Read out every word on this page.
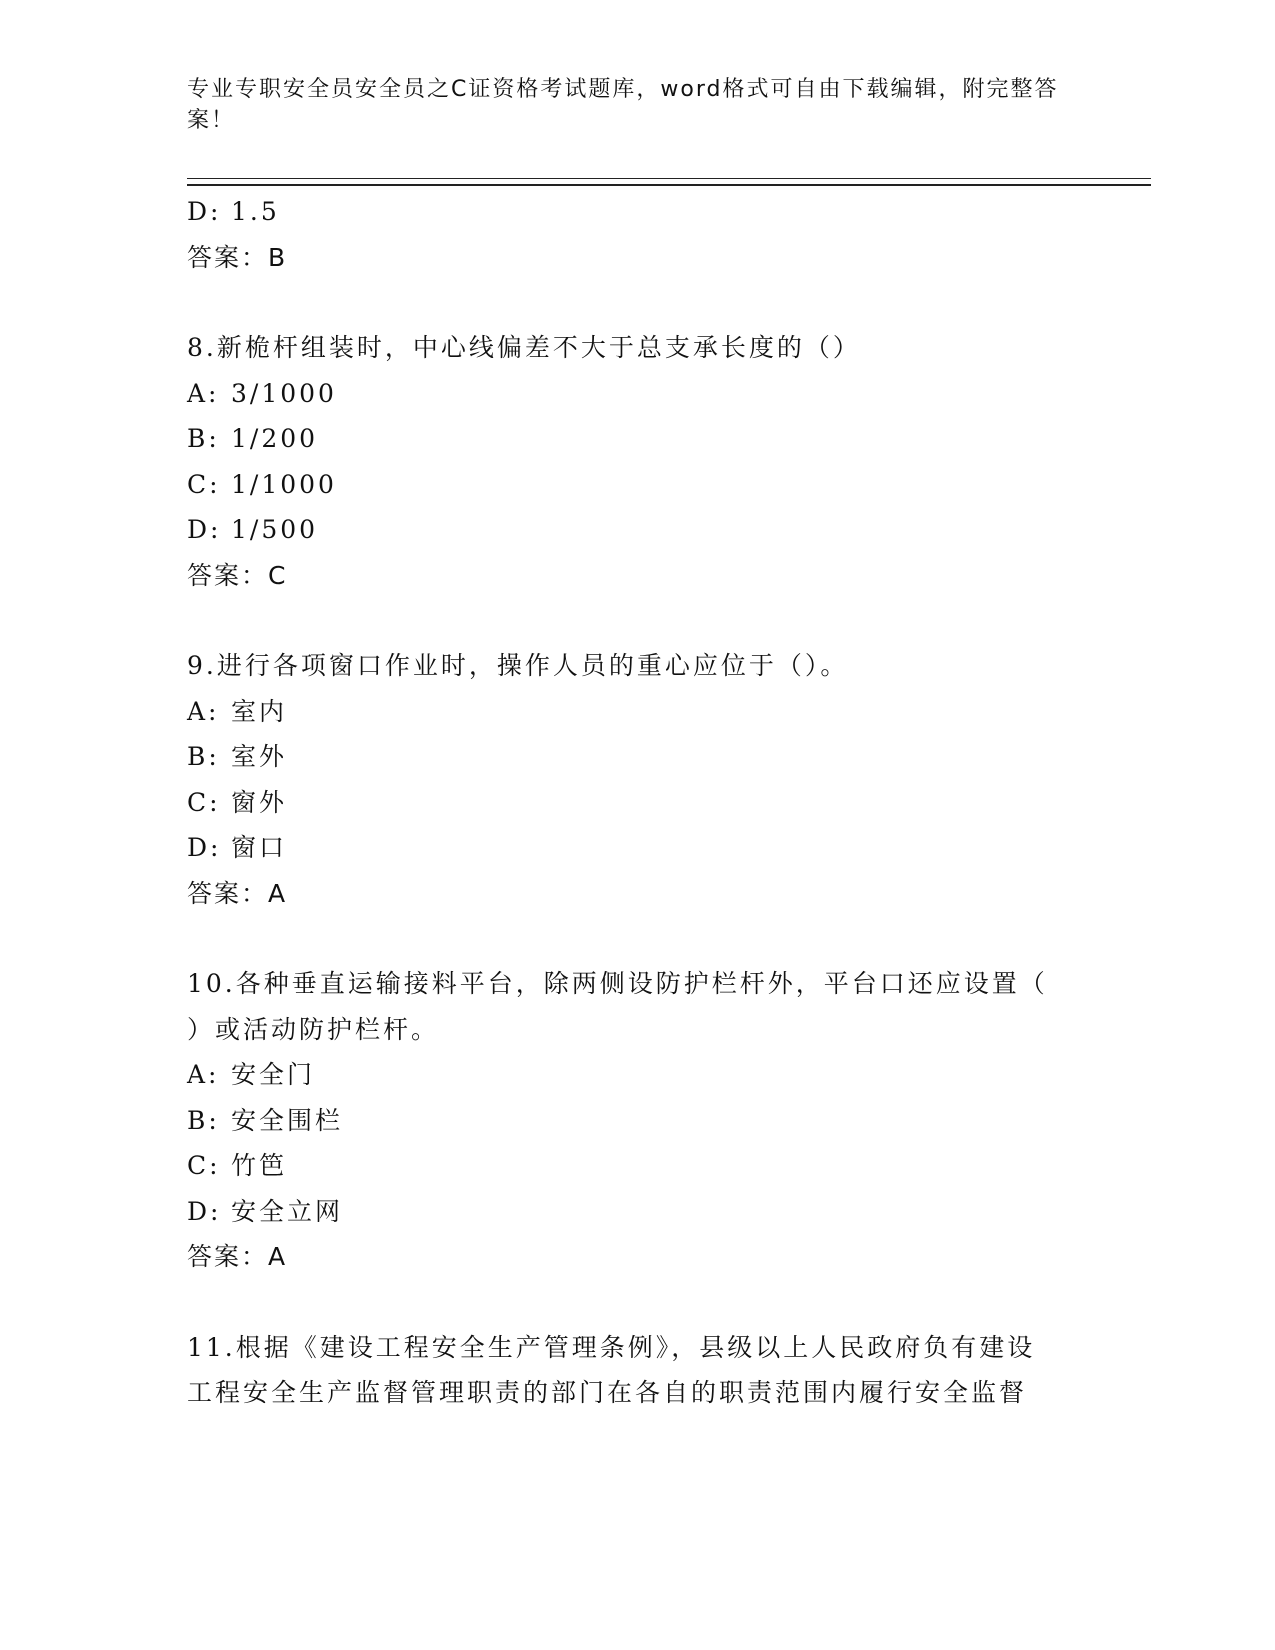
专业专职安全员安全员之C证资格考试题库，word格式可自由下载编辑，附完整答案！
D: 1.5
答案：B
8.新桅杆组装时，中心线偏差不大于总支承长度的（）
A: 3/1000
B: 1/200
C: 1/1000
D: 1/500
答案：C
9.进行各项窗口作业时，操作人员的重心应位于（）。
A: 室内
B: 室外
C: 窗外
D: 窗口
答案：A
10.各种垂直运输接料平台，除两侧设防护栏杆外，平台口还应设置（
）或活动防护栏杆。
A: 安全门
B: 安全围栏
C: 竹笆
D: 安全立网
答案：A
11.根据《建设工程安全生产管理条例》，县级以上人民政府负有建设
工程安全生产监督管理职责的部门在各自的职责范围内履行安全监督
